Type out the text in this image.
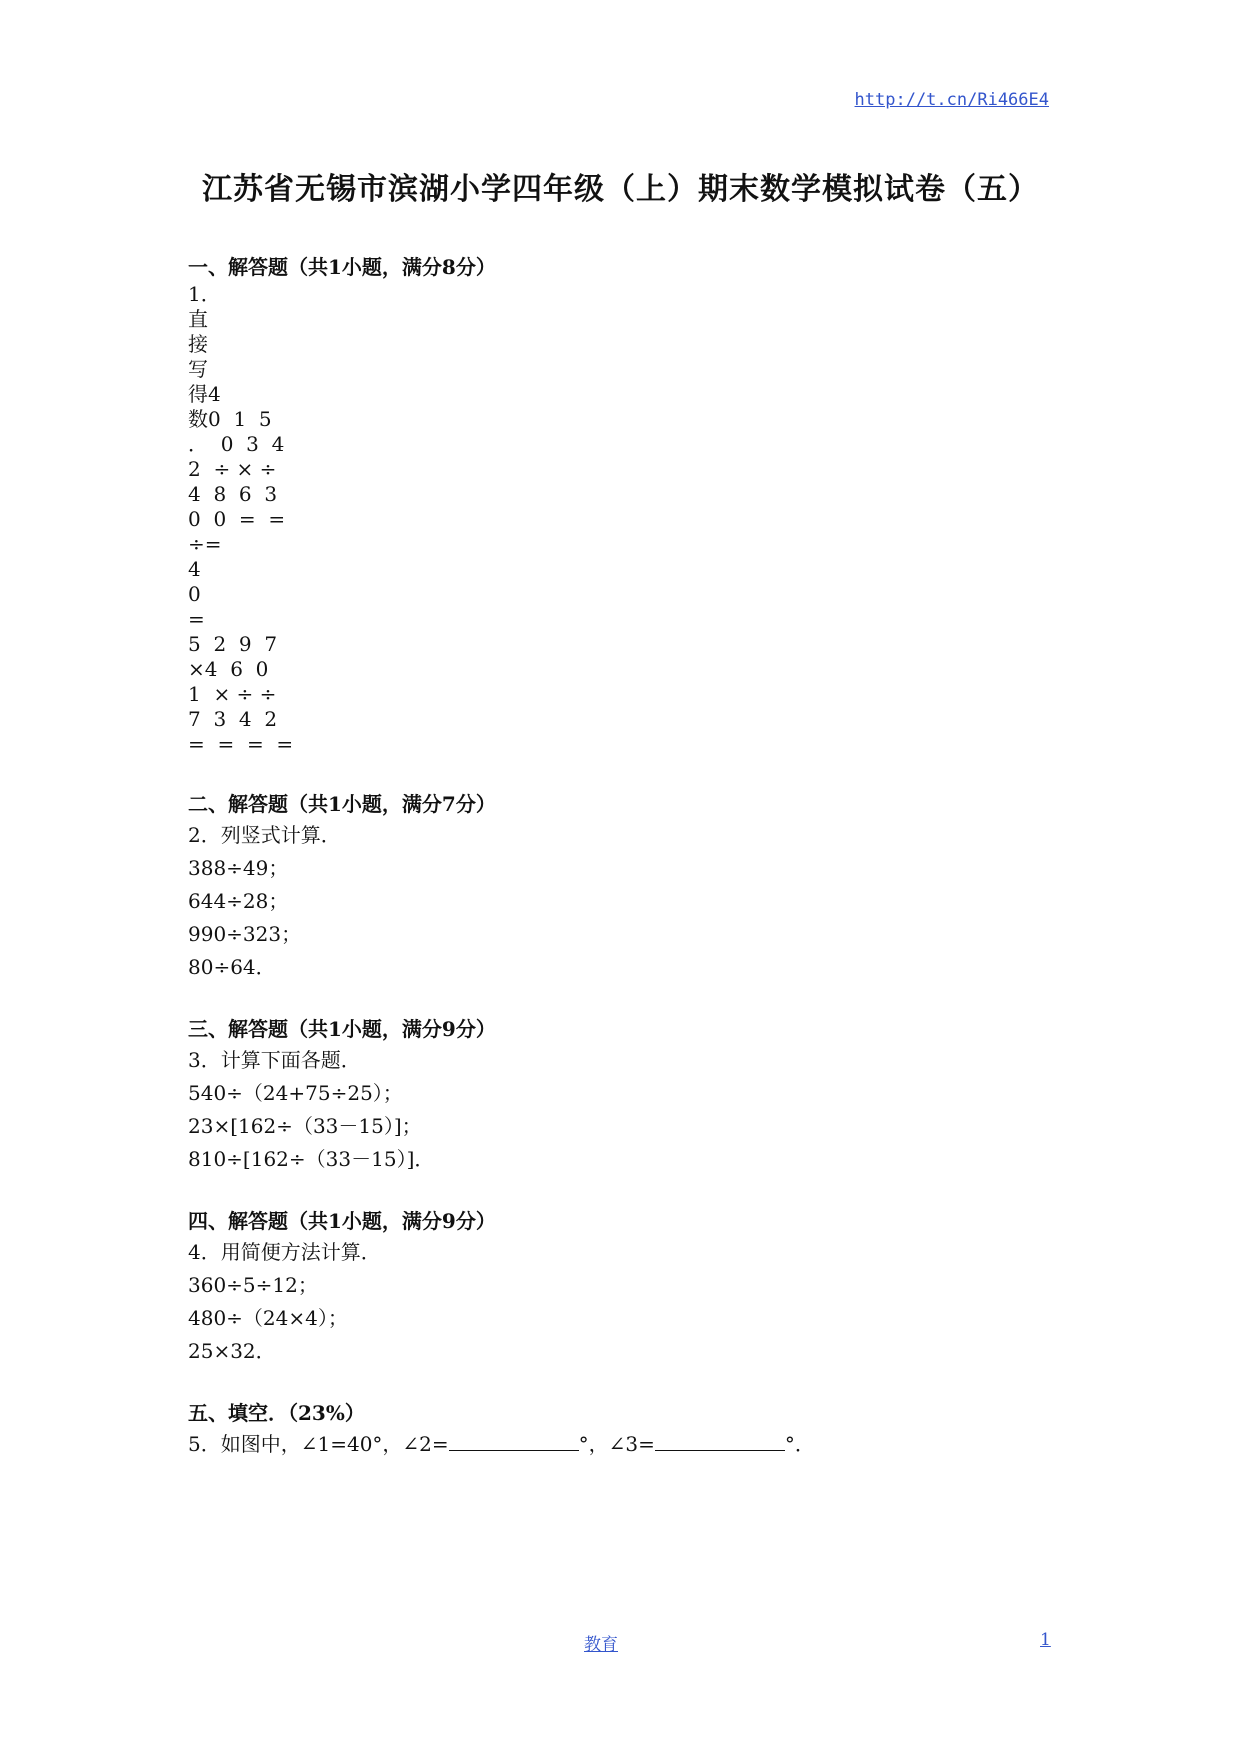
http://t.cn/Ri466E4
江苏省无锡市滨湖小学四年级（上）期末数学模拟试卷（五）

一、解答题（共1小题，满分8分）

1．

直

接

写

得4

数0  1  5

．  0  3  4

2  ÷ × ÷

4  8  6  3

0  0  =  =

÷=

4

0

=

5  2  9  7

×4  6  0

1  × ÷ ÷

7  3  4  2

=  =  =  =

二、解答题（共1小题，满分7分）

2．列竖式计算．

388÷49；

644÷28；

990÷323；

80÷64．

三、解答题（共1小题，满分9分）

3．计算下面各题．

540÷（24+75÷25）；

23×[162÷（33－15）]；

810÷[162÷（33－15）]．

四、解答题（共1小题，满分9分）

4．用简便方法计算．

360÷5÷12；

480÷（24×4）；

25×32．

五、填空．（23%）

5．如图中，∠1=40°，∠2=	°，∠3=	°．

教育	1
